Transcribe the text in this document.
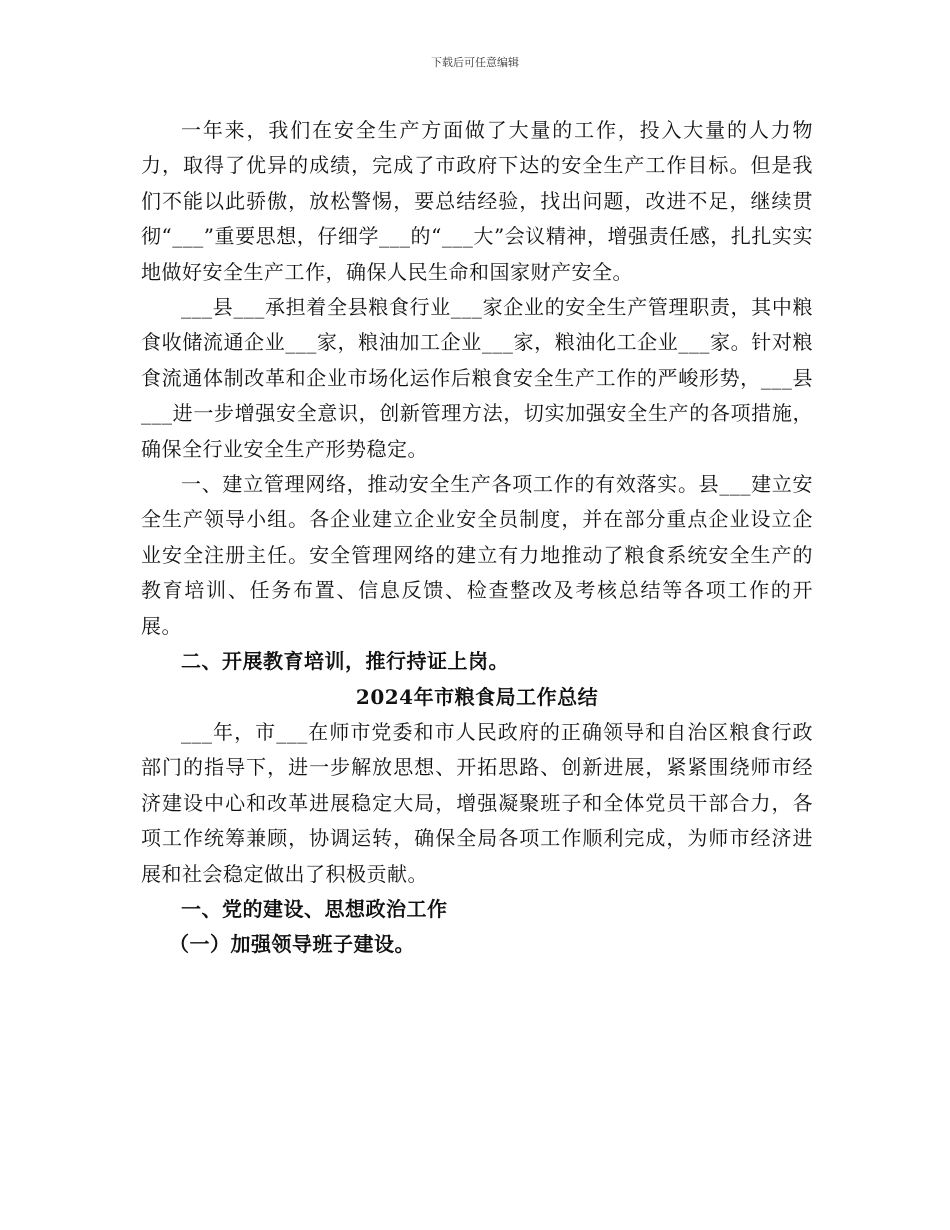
下载后可任意编辑

一年来，我们在安全生产方面做了大量的工作，投入大量的人力物力，取得了优异的成绩，完成了市政府下达的安全生产工作目标。但是我们不能以此骄傲，放松警惕，要总结经验，找出问题，改进不足，继续贯彻“___”重要思想，仔细学___的“___大”会议精神，增强责任感，扎扎实实地做好安全生产工作，确保人民生命和国家财产安全。

___县___承担着全县粮食行业___家企业的安全生产管理职责，其中粮食收储流通企业___家，粮油加工企业___家，粮油化工企业___家。针对粮食流通体制改革和企业市场化运作后粮食安全生产工作的严峻形势，___县___进一步增强安全意识，创新管理方法，切实加强安全生产的各项措施，确保全行业安全生产形势稳定。

一、建立管理网络，推动安全生产各项工作的有效落实。县___建立安全生产领导小组。各企业建立企业安全员制度，并在部分重点企业设立企业安全注册主任。安全管理网络的建立有力地推动了粮食系统安全生产的教育培训、任务布置、信息反馈、检查整改及考核总结等各项工作的开展。

二、开展教育培训，推行持证上岗。

2024年市粮食局工作总结

___年，市___在师市党委和市人民政府的正确领导和自治区粮食行政部门的指导下，进一步解放思想、开拓思路、创新进展，紧紧围绕师市经济建设中心和改革进展稳定大局，增强凝聚班子和全体党员干部合力，各项工作统筹兼顾，协调运转，确保全局各项工作顺利完成，为师市经济进展和社会稳定做出了积极贡献。

一、党的建设、思想政治工作

（一）加强领导班子建设。
